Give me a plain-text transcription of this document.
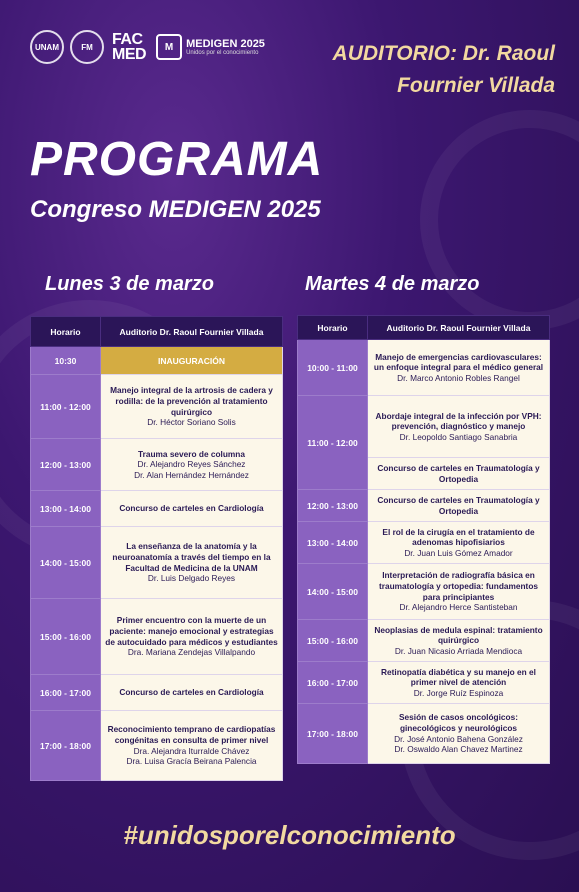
UNAM	FM	FAC
MED	M	MEDIGEN 2025
Unidos por el conocimiento	AUDITORIO: Dr. Raoul Fournier Villada
PROGRAMA
Congreso MEDIGEN 2025
Lunes 3 de marzo	Martes 4 de marzo
Horario	Auditorio Dr. Raoul Fournier Villada
10:30	INAUGURACIÓN
11:00 - 12:00	Manejo integral de la artrosis de cadera y rodilla: de la prevención al tratamiento quirúrgico
Dr. Héctor Soriano Solis

12:00 - 13:00	Trauma severo de columna
Dr. Alejandro Reyes Sánchez
Dr. Alan Hernández Hernández

13:00 - 14:00	Concurso de carteles en Cardiología

14:00 - 15:00	La enseñanza de la anatomía y la neuroanatomía a través del tiempo en la Facultad de Medicina de la UNAM
Dr. Luis Delgado Reyes

15:00 - 16:00	Primer encuentro con la muerte de un paciente: manejo emocional y estrategias de autocuidado para médicos y estudiantes
Dra. Mariana Zendejas Villalpando

16:00 - 17:00	Concurso de carteles en Cardiología

17:00 - 18:00	Reconocimiento temprano de cardiopatías congénitas en consulta de primer nivel
Dra. Alejandra Iturralde Chávez
Dra. Luisa Gracía Beirana Palencia
Horario	Auditorio Dr. Raoul Fournier Villada
10:00 - 11:00	Manejo de emergencias cardiovasculares: un enfoque integral para el médico general
Dr. Marco Antonio Robles Rangel

11:00 - 12:00	Abordaje integral de la infección por VPH: prevención, diagnóstico y manejo
Dr. Leopoldo Santiago Sanabria

	Concurso de carteles en Traumatología y Ortopedia

12:00 - 13:00	Concurso de carteles en Traumatología y Ortopedia

13:00 - 14:00	El rol de la cirugía en el tratamiento de adenomas hipofisiarios
Dr. Juan Luis Gómez Amador

14:00 - 15:00	Interpretación de radiografía básica en traumatología y ortopedia: fundamentos para principiantes
Dr. Alejandro Herce Santisteban

15:00 - 16:00	Neoplasias de medula espinal: tratamiento quirúrgico
Dr. Juan Nicasio Arriada Mendioca

16:00 - 17:00	Retinopatía diabética y su manejo en el primer nivel de atención
Dr. Jorge Ruíz Espinoza

17:00 - 18:00	Sesión de casos oncológicos: ginecológicos y neurológicos
Dr. José Antonio Bahena González
Dr. Oswaldo Alan Chavez Martinez
#unidosporelconocimiento
